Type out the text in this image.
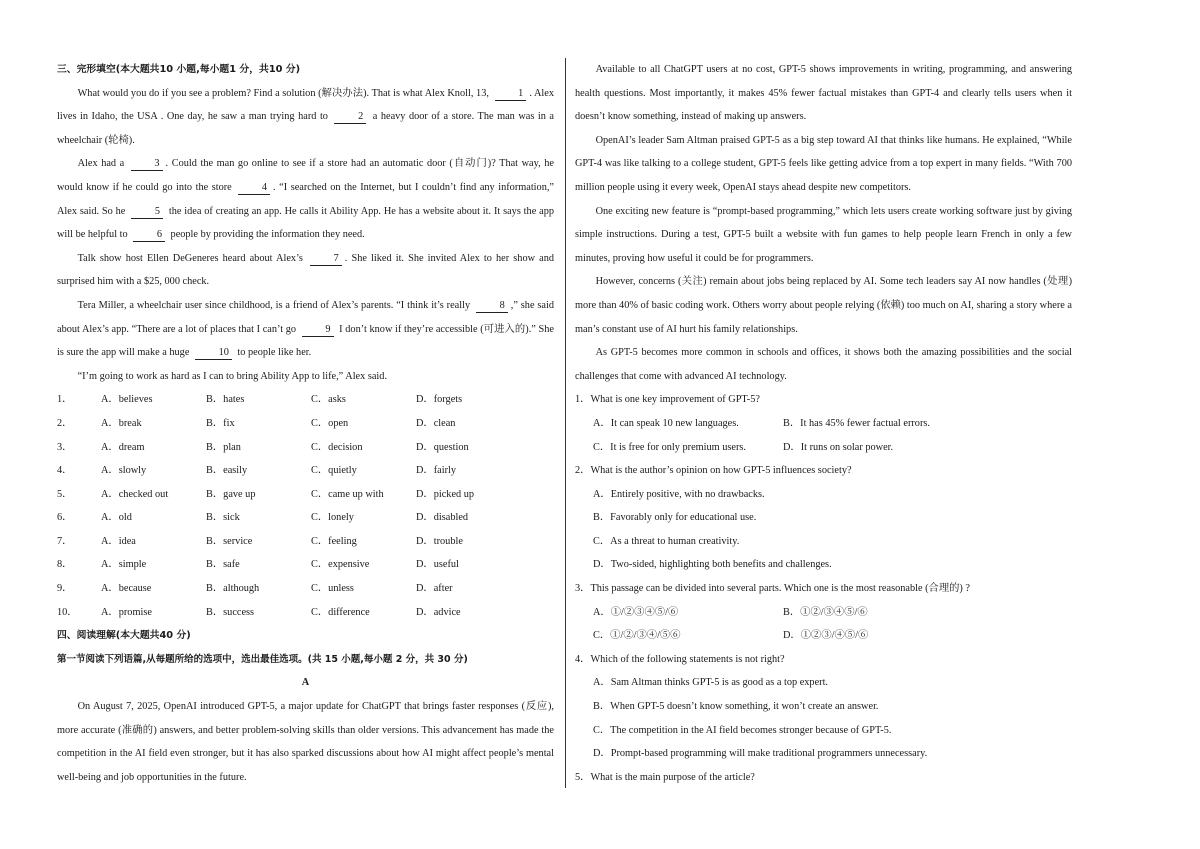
三、完形填空(本大题共10 小题,每小题1 分，共10 分)

What would you do if you see a problem? Find a solution (解决办法). That is what Alex Knoll, 13,	1 . Alex lives in Idaho, the USA . One day, he saw a man trying hard to	2 a heavy door of a store. The man was in a wheelchair (轮椅).

Alex had a	3 . Could the man go online to see if a store had an automatic door (自动门)? That way, he would know if he could go into the store	4 . “I searched on the Internet, but I couldn’t find any information,” Alex said. So he	5 the idea of creating an app. He calls it Ability App. He has a website about it. It says the app will be helpful to	6 people by providing the information they need.

Talk show host Ellen DeGeneres heard about Alex’s	7 . She liked it. She invited Alex to her show and surprised him with a $25, 000 check.

Tera Miller, a wheelchair user since childhood, is a friend of Alex’s parents. “I think it’s really	8 ,” she said about Alex’s app. “There are a lot of places that I can’t go	9 I don’t know if they’re accessible (可进入的).” She is sure the app will make a huge	10 to people like her.

“I’m going to work as hard as I can to bring Ability App to life,” Alex said.

1．	A．believes	B．hates	C．asks	D．forgets
2．	A．break	B．fix	C．open	D．clean
3．	A．dream	B．plan	C．decision	D．question
4．	A．slowly	B．easily	C．quietly	D．fairly
5．	A．checked out	B．gave up	C．came up with	D．picked up
6．	A．old	B．sick	C．lonely	D．disabled
7．	A．idea	B．service	C．feeling	D．trouble
8．	A．simple	B．safe	C．expensive	D．useful
9．	A．because	B．although	C．unless	D．after
10．	A．promise	B．success	C．difference	D．advice
四、阅读理解(本大题共40 分)
第一节阅读下列语篇,从每题所给的选项中，选出最佳选项。(共 15 小题,每小题 2 分，共 30 分)
A

On August 7, 2025, OpenAI introduced GPT-5, a major update for ChatGPT that brings faster responses (反应), more accurate (准确的) answers, and better problem-solving skills than older versions. This advancement has made the competition in the AI field even stronger, but it has also sparked discussions about how AI might affect people’s mental well-being and job opportunities in the future.

Available to all ChatGPT users at no cost, GPT-5 shows improvements in writing, programming, and answering health questions. Most importantly, it makes 45% fewer factual mistakes than GPT-4 and clearly tells users when it doesn’t know something, instead of making up answers.

OpenAI’s leader Sam Altman praised GPT-5 as a big step toward AI that thinks like humans. He explained, “While GPT-4 was like talking to a college student, GPT-5 feels like getting advice from a top expert in many fields. “With 700 million people using it every week, OpenAI stays ahead despite new competitors.

One exciting new feature is “prompt-based programming,” which lets users create working software just by giving simple instructions. During a test, GPT-5 built a website with fun games to help people learn French in only a few minutes, proving how useful it could be for programmers.

However, concerns (关注) remain about jobs being replaced by AI. Some tech leaders say AI now handles (处理) more than 40% of basic coding work. Others worry about people relying (依赖) too much on AI, sharing a story where a man’s constant use of AI hurt his family relationships.

As GPT-5 becomes more common in schools and offices, it shows both the amazing possibilities and the social challenges that come with advanced AI technology.

1．What is one key improvement of GPT-5?

A．It can speak 10 new languages.	B．It has 45% fewer factual errors.
C．It is free for only premium users.	D．It runs on solar power.

2．What is the author’s opinion on how GPT-5 influences society?

A．Entirely positive, with no drawbacks.

B．Favorably only for educational use.

C．As a threat to human creativity.

D．Two-sided, highlighting both benefits and challenges.

3．This passage can be divided into several parts. Which one is the most reasonable (合理的) ?

A．①/②③④⑤/⑥	B．①②/③④⑤/⑥
C．①/②/③④/⑤⑥	D．①②③/④⑤/⑥

4．Which of the following statements is not right?

A．Sam Altman thinks GPT-5 is as good as a top expert.

B．When GPT-5 doesn’t know something, it won’t create an answer.

C．The competition in the AI field becomes stronger because of GPT-5.

D．Prompt-based programming will make traditional programmers unnecessary.

5．What is the main purpose of the article?
